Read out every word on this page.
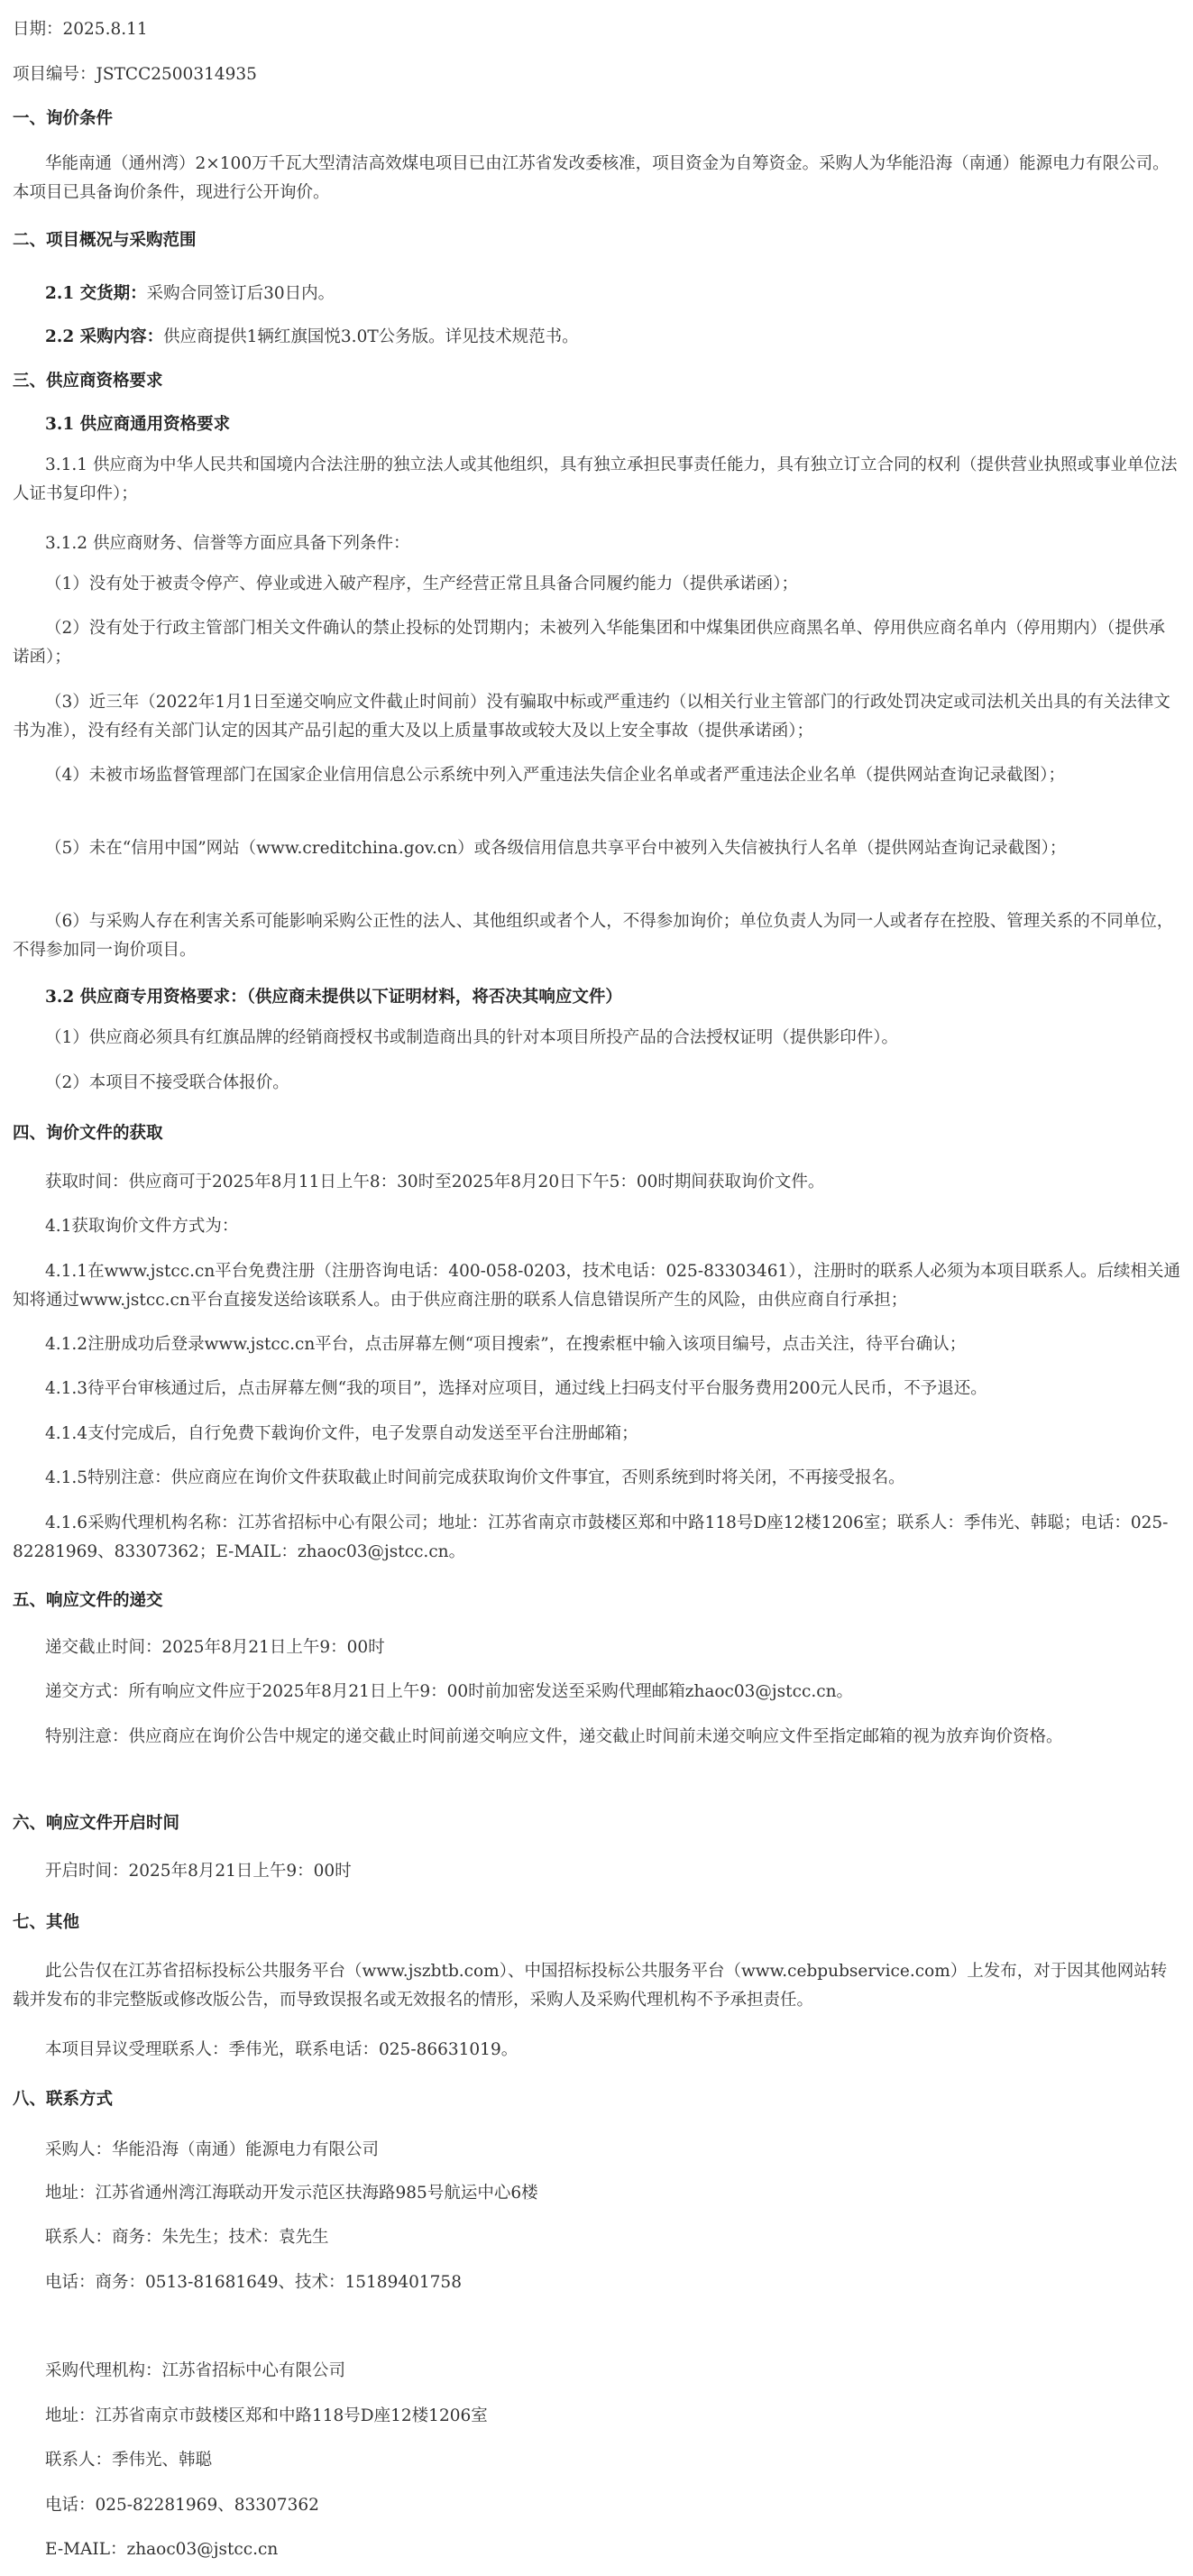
日期：2025.8.11

项目编号：JSTCC2500314935

一、询价条件

华能南通（通州湾）2×100万千瓦大型清洁高效煤电项目已由江苏省发改委核准，项目资金为自筹资金。采购人为华能沿海（南通）能源电力有限公司。本项目已具备询价条件，现进行公开询价。

二、项目概况与采购范围

2.1 交货期：采购合同签订后30日内。

2.2 采购内容：供应商提供1辆红旗国悦3.0T公务版。详见技术规范书。

三、供应商资格要求

3.1 供应商通用资格要求

3.1.1 供应商为中华人民共和国境内合法注册的独立法人或其他组织，具有独立承担民事责任能力，具有独立订立合同的权利（提供营业执照或事业单位法人证书复印件）；

3.1.2 供应商财务、信誉等方面应具备下列条件：

（1）没有处于被责令停产、停业或进入破产程序，生产经营正常且具备合同履约能力（提供承诺函）；

（2）没有处于行政主管部门相关文件确认的禁止投标的处罚期内；未被列入华能集团和中煤集团供应商黑名单、停用供应商名单内（停用期内）（提供承诺函）；

（3）近三年（2022年1月1日至递交响应文件截止时间前）没有骗取中标或严重违约（以相关行业主管部门的行政处罚决定或司法机关出具的有关法律文书为准），没有经有关部门认定的因其产品引起的重大及以上质量事故或较大及以上安全事故（提供承诺函）；

（4）未被市场监督管理部门在国家企业信用信息公示系统中列入严重违法失信企业名单或者严重违法企业名单（提供网站查询记录截图）；

（5）未在“信用中国”网站（www.creditchina.gov.cn）或各级信用信息共享平台中被列入失信被执行人名单（提供网站查询记录截图）；

（6）与采购人存在利害关系可能影响采购公正性的法人、其他组织或者个人，不得参加询价；单位负责人为同一人或者存在控股、管理关系的不同单位，不得参加同一询价项目。

3.2 供应商专用资格要求：（供应商未提供以下证明材料，将否决其响应文件）

（1）供应商必须具有红旗品牌的经销商授权书或制造商出具的针对本项目所投产品的合法授权证明（提供影印件）。

（2）本项目不接受联合体报价。

四、询价文件的获取

获取时间：供应商可于2025年8月11日上午8：30时至2025年8月20日下午5：00时期间获取询价文件。

4.1获取询价文件方式为：

4.1.1在www.jstcc.cn平台免费注册（注册咨询电话：400-058-0203，技术电话：025-83303461），注册时的联系人必须为本项目联系人。后续相关通知将通过www.jstcc.cn平台直接发送给该联系人。由于供应商注册的联系人信息错误所产生的风险，由供应商自行承担；

4.1.2注册成功后登录www.jstcc.cn平台，点击屏幕左侧“项目搜索”，在搜索框中输入该项目编号，点击关注，待平台确认；

4.1.3待平台审核通过后，点击屏幕左侧“我的项目”，选择对应项目，通过线上扫码支付平台服务费用200元人民币，不予退还。

4.1.4支付完成后，自行免费下载询价文件，电子发票自动发送至平台注册邮箱；

4.1.5特别注意：供应商应在询价文件获取截止时间前完成获取询价文件事宜，否则系统到时将关闭，不再接受报名。

4.1.6采购代理机构名称：江苏省招标中心有限公司；地址：江苏省南京市鼓楼区郑和中路118号D座12楼1206室；联系人：季伟光、韩聪；电话：025-82281969、83307362；E-MAIL：zhaoc03@jstcc.cn。

五、响应文件的递交

递交截止时间：2025年8月21日上午9：00时

递交方式：所有响应文件应于2025年8月21日上午9：00时前加密发送至采购代理邮箱zhaoc03@jstcc.cn。

特别注意：供应商应在询价公告中规定的递交截止时间前递交响应文件，递交截止时间前未递交响应文件至指定邮箱的视为放弃询价资格。

六、响应文件开启时间

开启时间：2025年8月21日上午9：00时

七、其他

此公告仅在江苏省招标投标公共服务平台（www.jszbtb.com）、中国招标投标公共服务平台（www.cebpubservice.com）上发布，对于因其他网站转载并发布的非完整版或修改版公告，而导致误报名或无效报名的情形，采购人及采购代理机构不予承担责任。

本项目异议受理联系人：季伟光，联系电话：025-86631019。

八、联系方式

采购人：华能沿海（南通）能源电力有限公司

地址：江苏省通州湾江海联动开发示范区扶海路985号航运中心6楼

联系人：商务：朱先生；技术：袁先生

电话：商务：0513-81681649、技术：15189401758

采购代理机构：江苏省招标中心有限公司

地址：江苏省南京市鼓楼区郑和中路118号D座12楼1206室

联系人：季伟光、韩聪

电话：025-82281969、83307362

E-MAIL：zhaoc03@jstcc.cn
